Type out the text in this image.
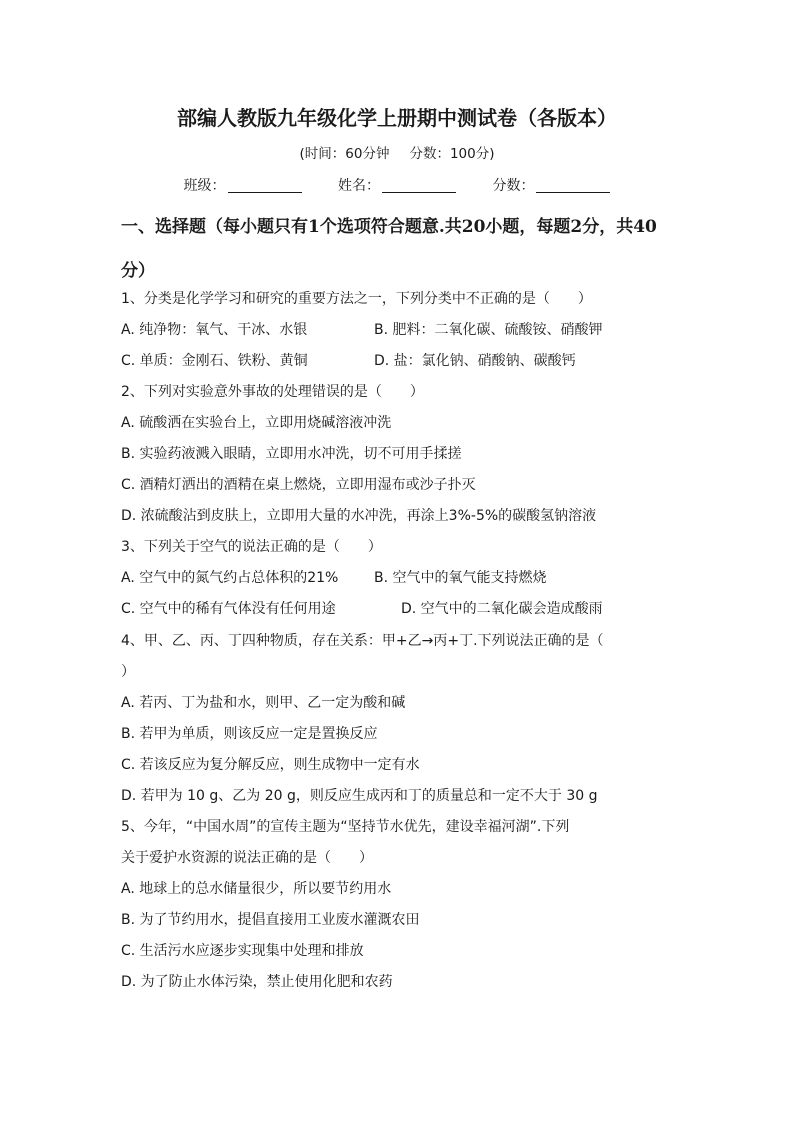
部编人教版九年级化学上册期中测试卷（各版本）
(时间：60分钟 分数：100分)
班级：	姓名：	分数：
一、选择题（每小题只有1个选项符合题意.共20小题，每题2分，共40分）
1、分类是化学学习和研究的重要方法之一，下列分类中不正确的是（　　）
A. 纯净物：氧气、干冰、水银	B. 肥料：二氧化碳、硫酸铵、硝酸钾
C. 单质：金刚石、铁粉、黄铜	D. 盐：氯化钠、硝酸钠、碳酸钙
2、下列对实验意外事故的处理错误的是（　　）
A. 硫酸洒在实验台上，立即用烧碱溶液冲洗
B. 实验药液溅入眼睛，立即用水冲洗，切不可用手揉搓
C. 酒精灯洒出的酒精在桌上燃烧，立即用湿布或沙子扑灭
D. 浓硫酸沾到皮肤上，立即用大量的水冲洗，再涂上3%-5%的碳酸氢钠溶液
3、下列关于空气的说法正确的是（　　）
A. 空气中的氮气约占总体积的21%	B. 空气中的氧气能支持燃烧
C. 空气中的稀有气体没有任何用途	D. 空气中的二氧化碳会造成酸雨
4、甲、乙、丙、丁四种物质，存在关系：甲+乙→丙+丁.下列说法正确的是（
）
A. 若丙、丁为盐和水，则甲、乙一定为酸和碱
B. 若甲为单质，则该反应一定是置换反应
C. 若该反应为复分解反应，则生成物中一定有水
D. 若甲为 10 g、乙为 20 g，则反应生成丙和丁的质量总和一定不大于 30 g
5、今年，“中国水周”的宣传主题为“坚持节水优先，建设幸福河湖”.下列
关于爱护水资源的说法正确的是（　　）
A. 地球上的总水储量很少，所以要节约用水
B. 为了节约用水，提倡直接用工业废水灌溉农田
C. 生活污水应逐步实现集中处理和排放
D. 为了防止水体污染，禁止使用化肥和农药
